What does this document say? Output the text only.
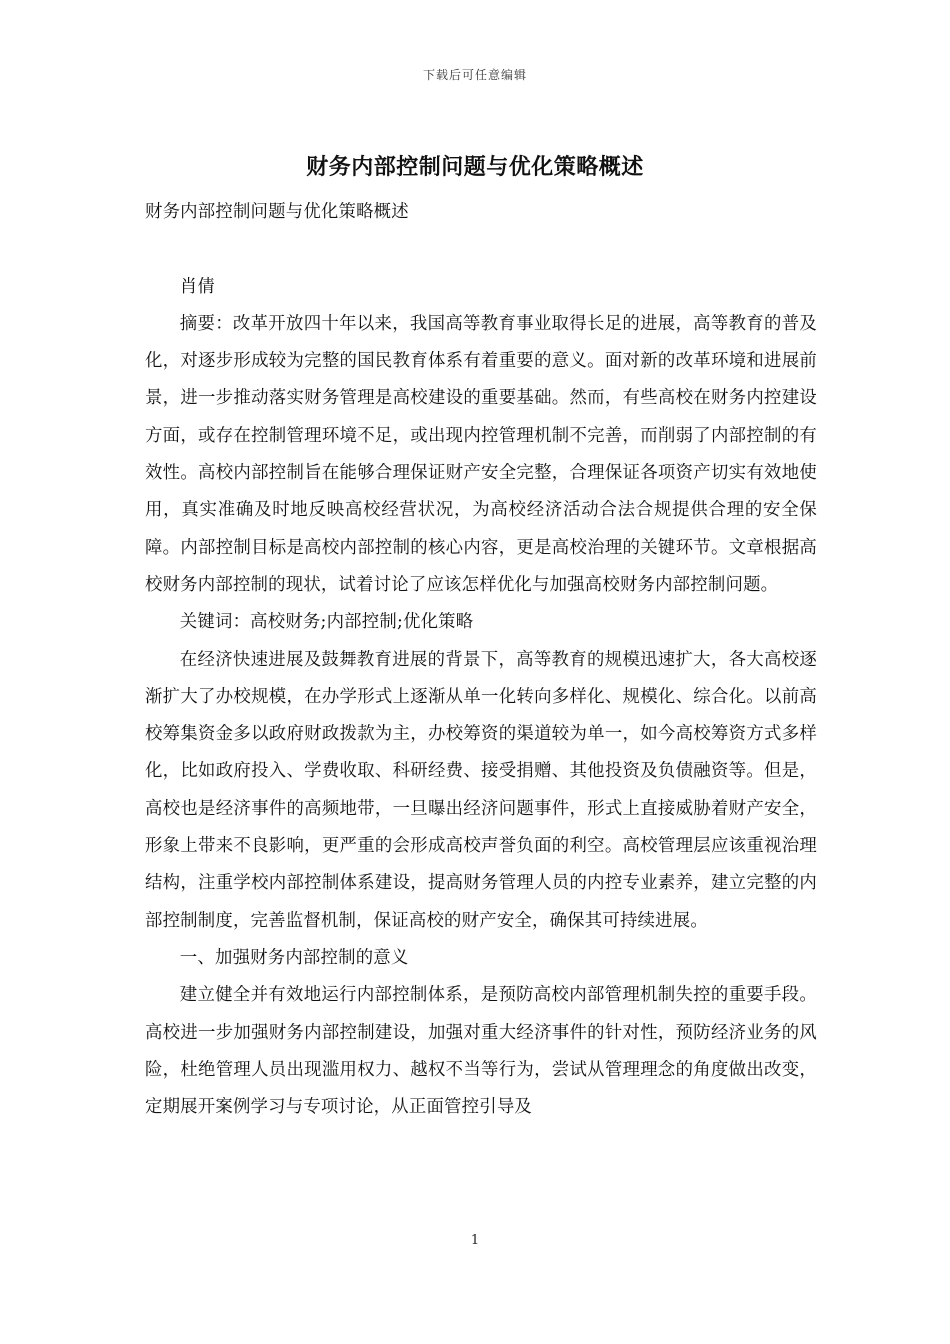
下载后可任意编辑
财务内部控制问题与优化策略概述

财务内部控制问题与优化策略概述

肖倩

摘要：改革开放四十年以来，我国高等教育事业取得长足的进展，高等教育的普及化，对逐步形成较为完整的国民教育体系有着重要的意义。面对新的改革环境和进展前景，进一步推动落实财务管理是高校建设的重要基础。然而，有些高校在财务内控建设方面，或存在控制管理环境不足，或出现内控管理机制不完善，而削弱了内部控制的有效性。高校内部控制旨在能够合理保证财产安全完整，合理保证各项资产切实有效地使用，真实准确及时地反映高校经营状况，为高校经济活动合法合规提供合理的安全保障。内部控制目标是高校内部控制的核心内容，更是高校治理的关键环节。文章根据高校财务内部控制的现状，试着讨论了应该怎样优化与加强高校财务内部控制问题。

关键词：高校财务;内部控制;优化策略

在经济快速进展及鼓舞教育进展的背景下，高等教育的规模迅速扩大，各大高校逐渐扩大了办校规模，在办学形式上逐渐从单一化转向多样化、规模化、综合化。以前高校筹集资金多以政府财政拨款为主，办校筹资的渠道较为单一，如今高校筹资方式多样化，比如政府投入、学费收取、科研经费、接受捐赠、其他投资及负债融资等。但是，高校也是经济事件的高频地带，一旦曝出经济问题事件，形式上直接威胁着财产安全，形象上带来不良影响，更严重的会形成高校声誉负面的利空。高校管理层应该重视治理结构，注重学校内部控制体系建设，提高财务管理人员的内控专业素养，建立完整的内部控制制度，完善监督机制，保证高校的财产安全，确保其可持续进展。

一、加强财务内部控制的意义

建立健全并有效地运行内部控制体系，是预防高校内部管理机制失控的重要手段。高校进一步加强财务内部控制建设，加强对重大经济事件的针对性，预防经济业务的风险，杜绝管理人员出现滥用权力、越权不当等行为，尝试从管理理念的角度做出改变，定期展开案例学习与专项讨论，从正面管控引导及

1
